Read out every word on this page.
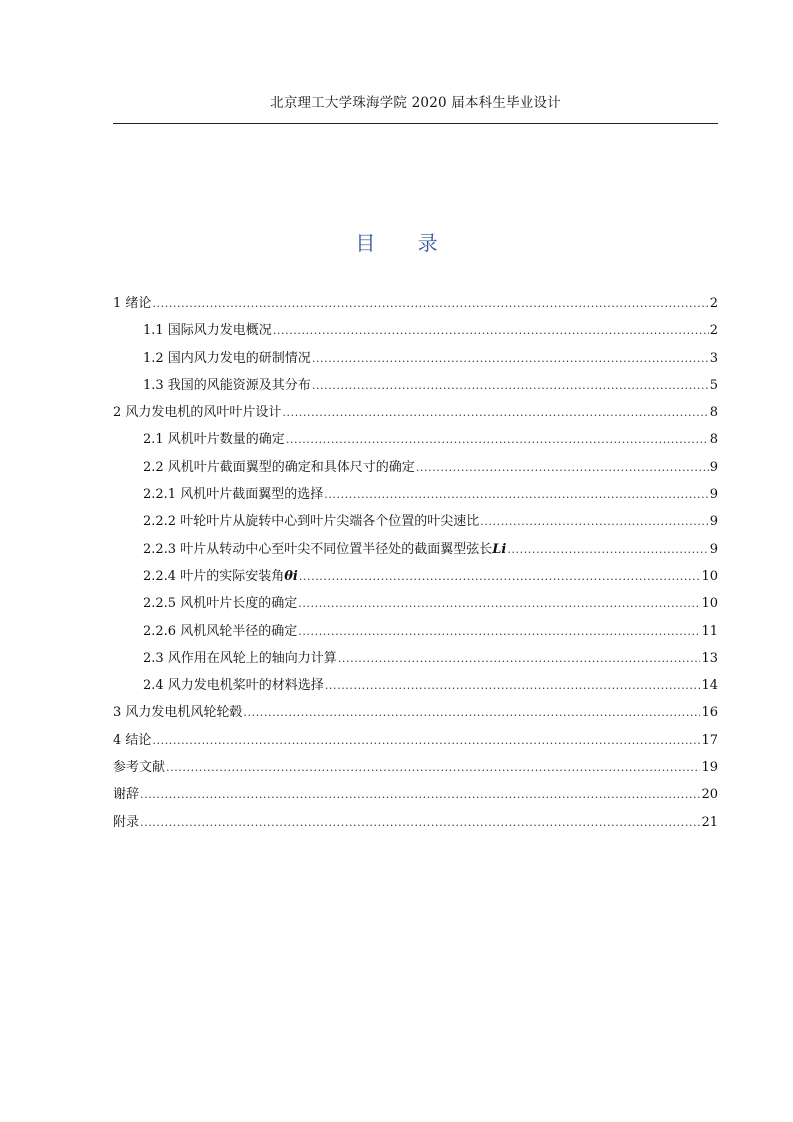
北京理工大学珠海学院 2020 届本科生毕业设计
目 录
1 绪论 .....	2
1.1 国际风力发电概况 .....	2
1.2 国内风力发电的研制情况 .....	3
1.3 我国的风能资源及其分布 .....	5
2 风力发电机的风叶叶片设计 .....	8
2.1 风机叶片数量的确定 .....	8
2.2 风机叶片截面翼型的确定和具体尺寸的确定 .....	9
2.2.1 风机叶片截面翼型的选择 .....	9
2.2.2 叶轮叶片从旋转中心到叶片尖端各个位置的叶尖速比 .....	9
2.2.3 叶片从转动中心至叶尖不同位置半径处的截面翼型弦长Li .....	9
2.2.4 叶片的实际安装角θi .....	10
2.2.5 风机叶片长度的确定 .....	10
2.2.6 风机风轮半径的确定 .....	11
2.3 风作用在风轮上的轴向力计算 .....	13
2.4 风力发电机桨叶的材料选择 .....	14
3 风力发电机风轮轮毂 .....	16
4 结论 .....	17
参考文献 .....	19
谢辞 .....	20
附录 .....	21
